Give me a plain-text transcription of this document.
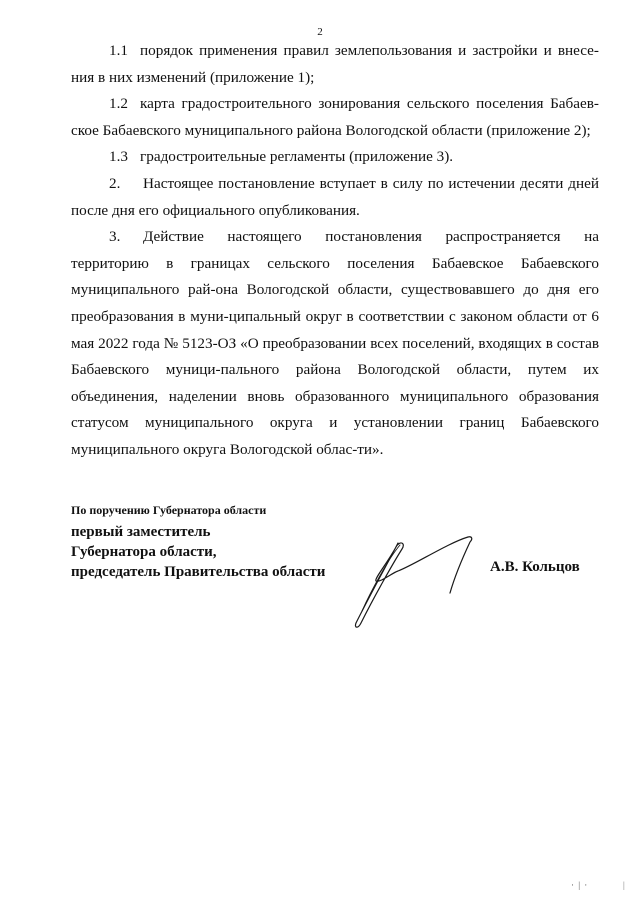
2

1.1 порядок применения правил землепользования и застройки и внесе-ния в них изменений (приложение 1);

1.2 карта градостроительного зонирования сельского поселения Бабаев-ское Бабаевского муниципального района Вологодской области (приложение 2);

1.3 градостроительные регламенты (приложение 3).

2. Настоящее постановление вступает в силу по истечении десяти дней после дня его официального опубликования.

3. Действие настоящего постановления распространяется на территорию в границах сельского поселения Бабаевское Бабаевского муниципального рай-она Вологодской области, существовавшего до дня его преобразования в муни-ципальный округ в соответствии с законом области от 6 мая 2022 года № 5123-ОЗ «О преобразовании всех поселений, входящих в состав Бабаевского муници-пального района Вологодской области, путем их объединения, наделении вновь образованного муниципального образования статусом муниципального округа и установлении границ Бабаевского муниципального округа Вологодской облас-ти».

По поручению Губернатора области

первый заместитель

Губернатора области,

председатель Правительства области	А.В. Кольцов
· | ·	|
